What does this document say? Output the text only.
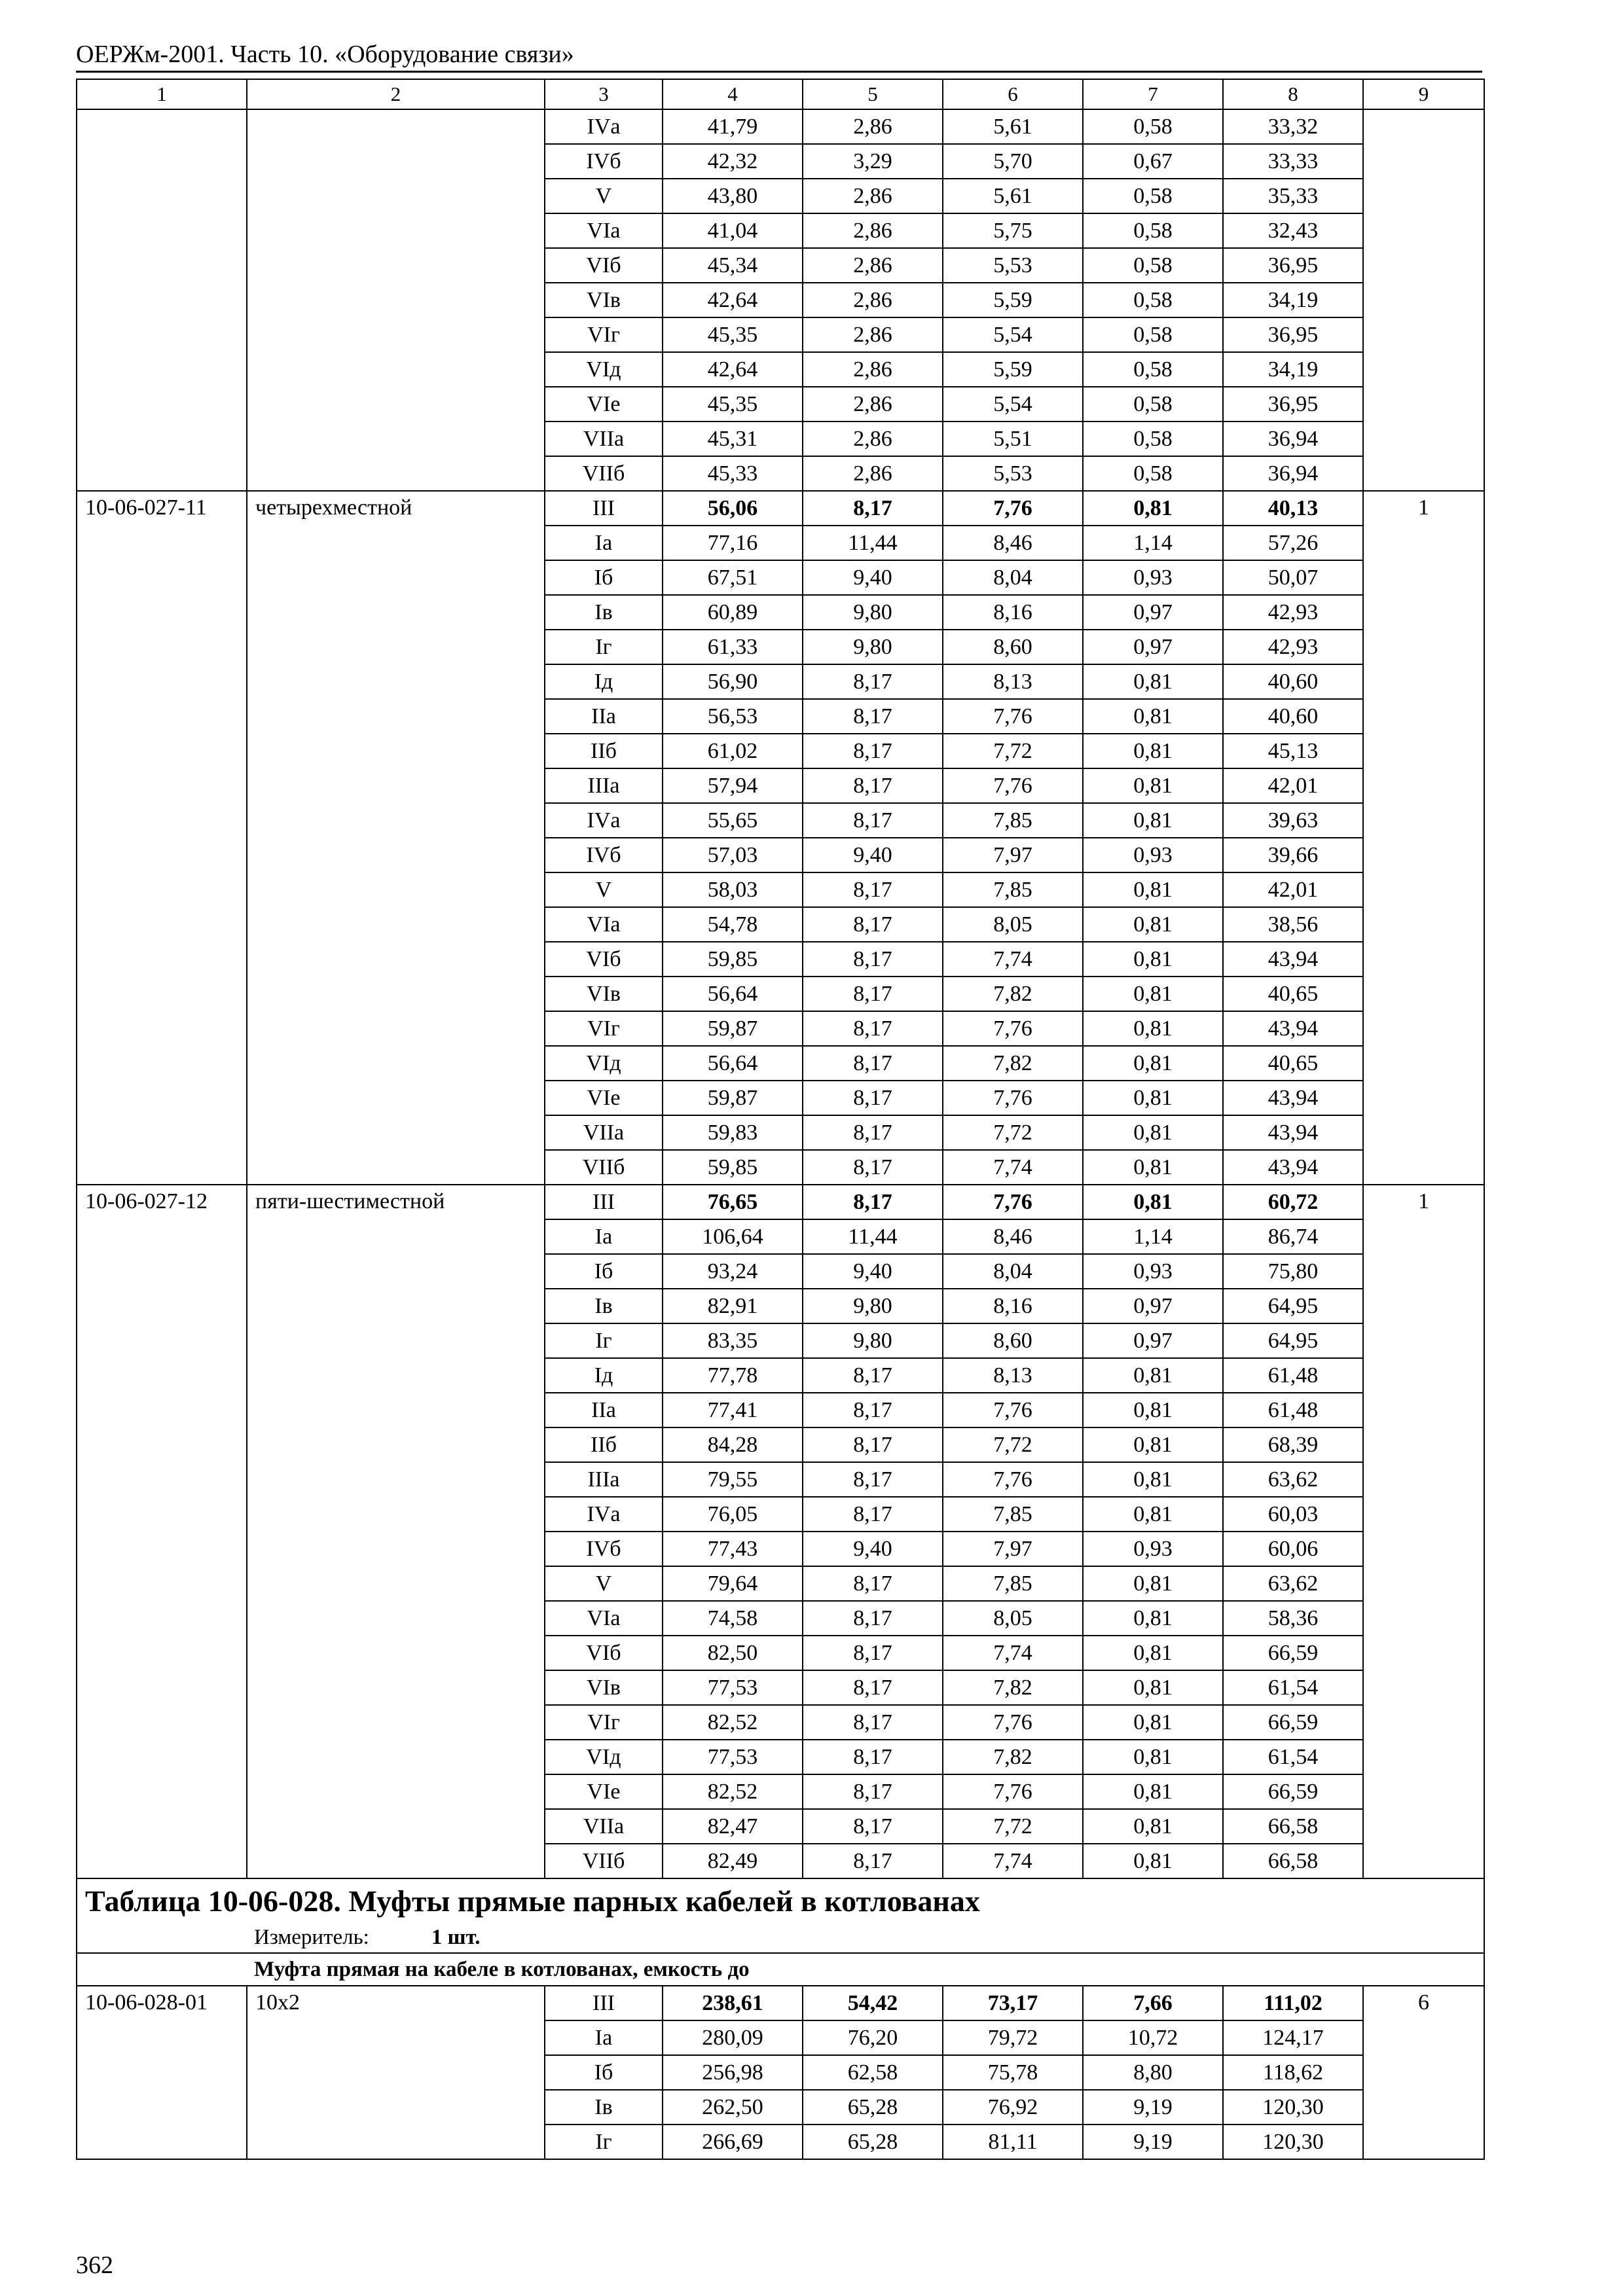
ОЕРЖм-2001. Часть 10. «Оборудование связи»
1	2	3	4	5	6	7	8	9
		IVа	41,79	2,86	5,61	0,58	33,32	
		IVб	42,32	3,29	5,70	0,67	33,33	
		V	43,80	2,86	5,61	0,58	35,33	
		VIа	41,04	2,86	5,75	0,58	32,43	
		VIб	45,34	2,86	5,53	0,58	36,95	
		VIв	42,64	2,86	5,59	0,58	34,19	
		VIг	45,35	2,86	5,54	0,58	36,95	
		VIд	42,64	2,86	5,59	0,58	34,19	
		VIе	45,35	2,86	5,54	0,58	36,95	
		VIIа	45,31	2,86	5,51	0,58	36,94	
		VIIб	45,33	2,86	5,53	0,58	36,94	
10-06-027-11	четырехместной	III	56,06	8,17	7,76	0,81	40,13	1
		Iа	77,16	11,44	8,46	1,14	57,26	
		Iб	67,51	9,40	8,04	0,93	50,07	
		Iв	60,89	9,80	8,16	0,97	42,93	
		Iг	61,33	9,80	8,60	0,97	42,93	
		Iд	56,90	8,17	8,13	0,81	40,60	
		IIа	56,53	8,17	7,76	0,81	40,60	
		IIб	61,02	8,17	7,72	0,81	45,13	
		IIIа	57,94	8,17	7,76	0,81	42,01	
		IVа	55,65	8,17	7,85	0,81	39,63	
		IVб	57,03	9,40	7,97	0,93	39,66	
		V	58,03	8,17	7,85	0,81	42,01	
		VIа	54,78	8,17	8,05	0,81	38,56	
		VIб	59,85	8,17	7,74	0,81	43,94	
		VIв	56,64	8,17	7,82	0,81	40,65	
		VIг	59,87	8,17	7,76	0,81	43,94	
		VIд	56,64	8,17	7,82	0,81	40,65	
		VIе	59,87	8,17	7,76	0,81	43,94	
		VIIа	59,83	8,17	7,72	0,81	43,94	
		VIIб	59,85	8,17	7,74	0,81	43,94	
10-06-027-12	пяти-шестиместной	III	76,65	8,17	7,76	0,81	60,72	1
		Iа	106,64	11,44	8,46	1,14	86,74	
		Iб	93,24	9,40	8,04	0,93	75,80	
		Iв	82,91	9,80	8,16	0,97	64,95	
		Iг	83,35	9,80	8,60	0,97	64,95	
		Iд	77,78	8,17	8,13	0,81	61,48	
		IIа	77,41	8,17	7,76	0,81	61,48	
		IIб	84,28	8,17	7,72	0,81	68,39	
		IIIа	79,55	8,17	7,76	0,81	63,62	
		IVа	76,05	8,17	7,85	0,81	60,03	
		IVб	77,43	9,40	7,97	0,93	60,06	
		V	79,64	8,17	7,85	0,81	63,62	
		VIа	74,58	8,17	8,05	0,81	58,36	
		VIб	82,50	8,17	7,74	0,81	66,59	
		VIв	77,53	8,17	7,82	0,81	61,54	
		VIг	82,52	8,17	7,76	0,81	66,59	
		VIд	77,53	8,17	7,82	0,81	61,54	
		VIе	82,52	8,17	7,76	0,81	66,59	
		VIIа	82,47	8,17	7,72	0,81	66,58	
		VIIб	82,49	8,17	7,74	0,81	66,58	
Таблица 10-06-028. Муфты прямые парных кабелей в котлованах								
Измеритель: 1 шт.								
Муфта прямая на кабеле в котлованах, емкость до								
10-06-028-01	10х2	III	238,61	54,42	73,17	7,66	111,02	6
		Iа	280,09	76,20	79,72	10,72	124,17	
		Iб	256,98	62,58	75,78	8,80	118,62	
		Iв	262,50	65,28	76,92	9,19	120,30	
		Iг	266,69	65,28	81,11	9,19	120,30	
362
